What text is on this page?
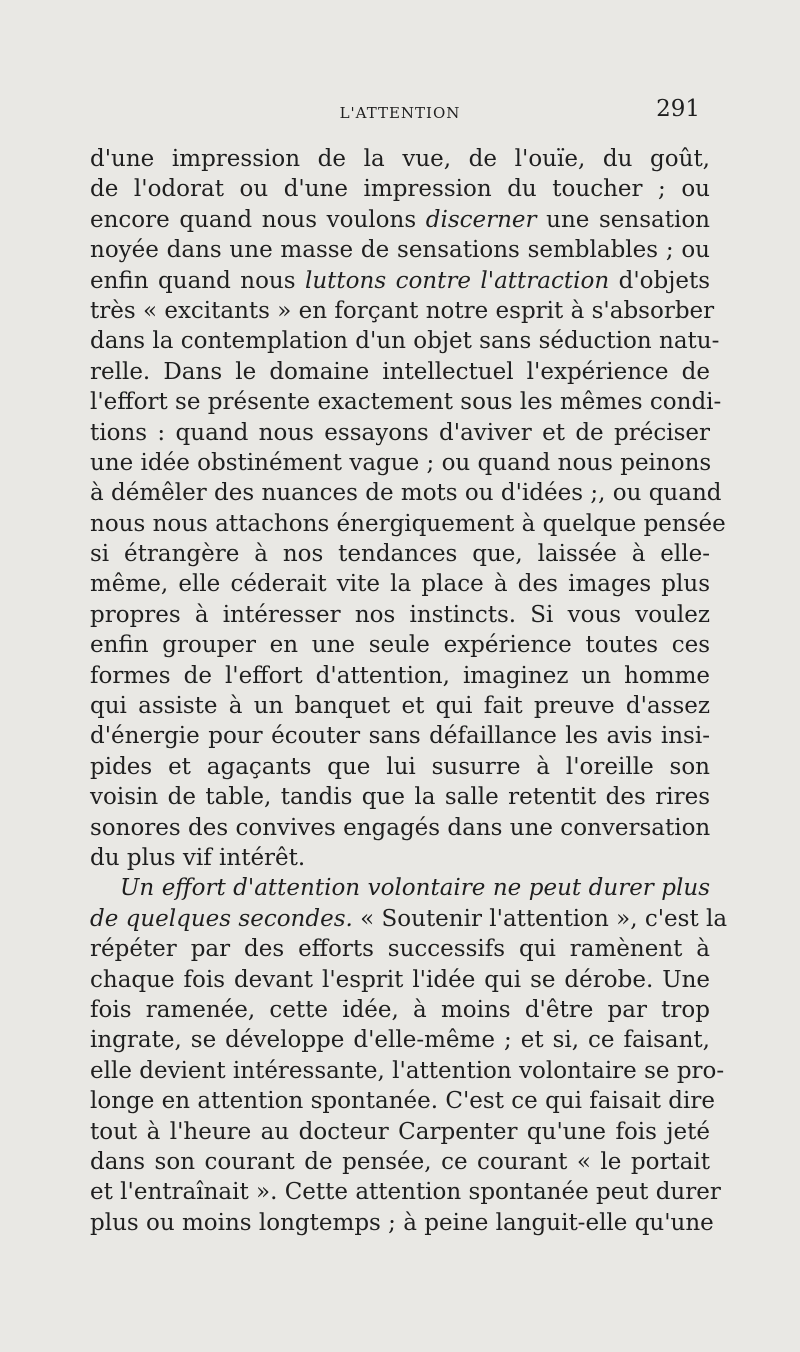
L'ATTENTION	291
d'une impression de la vue, de l'ouïe, du goût,
de l'odorat ou d'une impression du toucher ; ou
encore quand nous voulons discerner une sensation
noyée dans une masse de sensations semblables ; ou
enfin quand nous luttons contre l'attraction d'objets
très « excitants » en forçant notre esprit à s'absorber
dans la contemplation d'un objet sans séduction natu-
relle. Dans le domaine intellectuel l'expérience de
l'effort se présente exactement sous les mêmes condi-
tions : quand nous essayons d'aviver et de préciser
une idée obstinément vague ; ou quand nous peinons
à démêler des nuances de mots ou d'idées ;, ou quand
nous nous attachons énergiquement à quelque pensée
si étrangère à nos tendances que, laissée à elle-
même, elle céderait vite la place à des images plus
propres à intéresser nos instincts. Si vous voulez
enfin grouper en une seule expérience toutes ces
formes de l'effort d'attention, imaginez un homme
qui assiste à un banquet et qui fait preuve d'assez
d'énergie pour écouter sans défaillance les avis insi-
pides et agaçants que lui susurre à l'oreille son
voisin de table, tandis que la salle retentit des rires
sonores des convives engagés dans une conversation
du plus vif intérêt.
Un effort d'attention volontaire ne peut durer plus
de quelques secondes. « Soutenir l'attention », c'est la
répéter par des efforts successifs qui ramènent à
chaque fois devant l'esprit l'idée qui se dérobe. Une
fois ramenée, cette idée, à moins d'être par trop
ingrate, se développe d'elle-même ; et si, ce faisant,
elle devient intéressante, l'attention volontaire se pro-
longe en attention spontanée. C'est ce qui faisait dire
tout à l'heure au docteur Carpenter qu'une fois jeté
dans son courant de pensée, ce courant « le portait
et l'entraînait ». Cette attention spontanée peut durer
plus ou moins longtemps ; à peine languit-elle qu'une
